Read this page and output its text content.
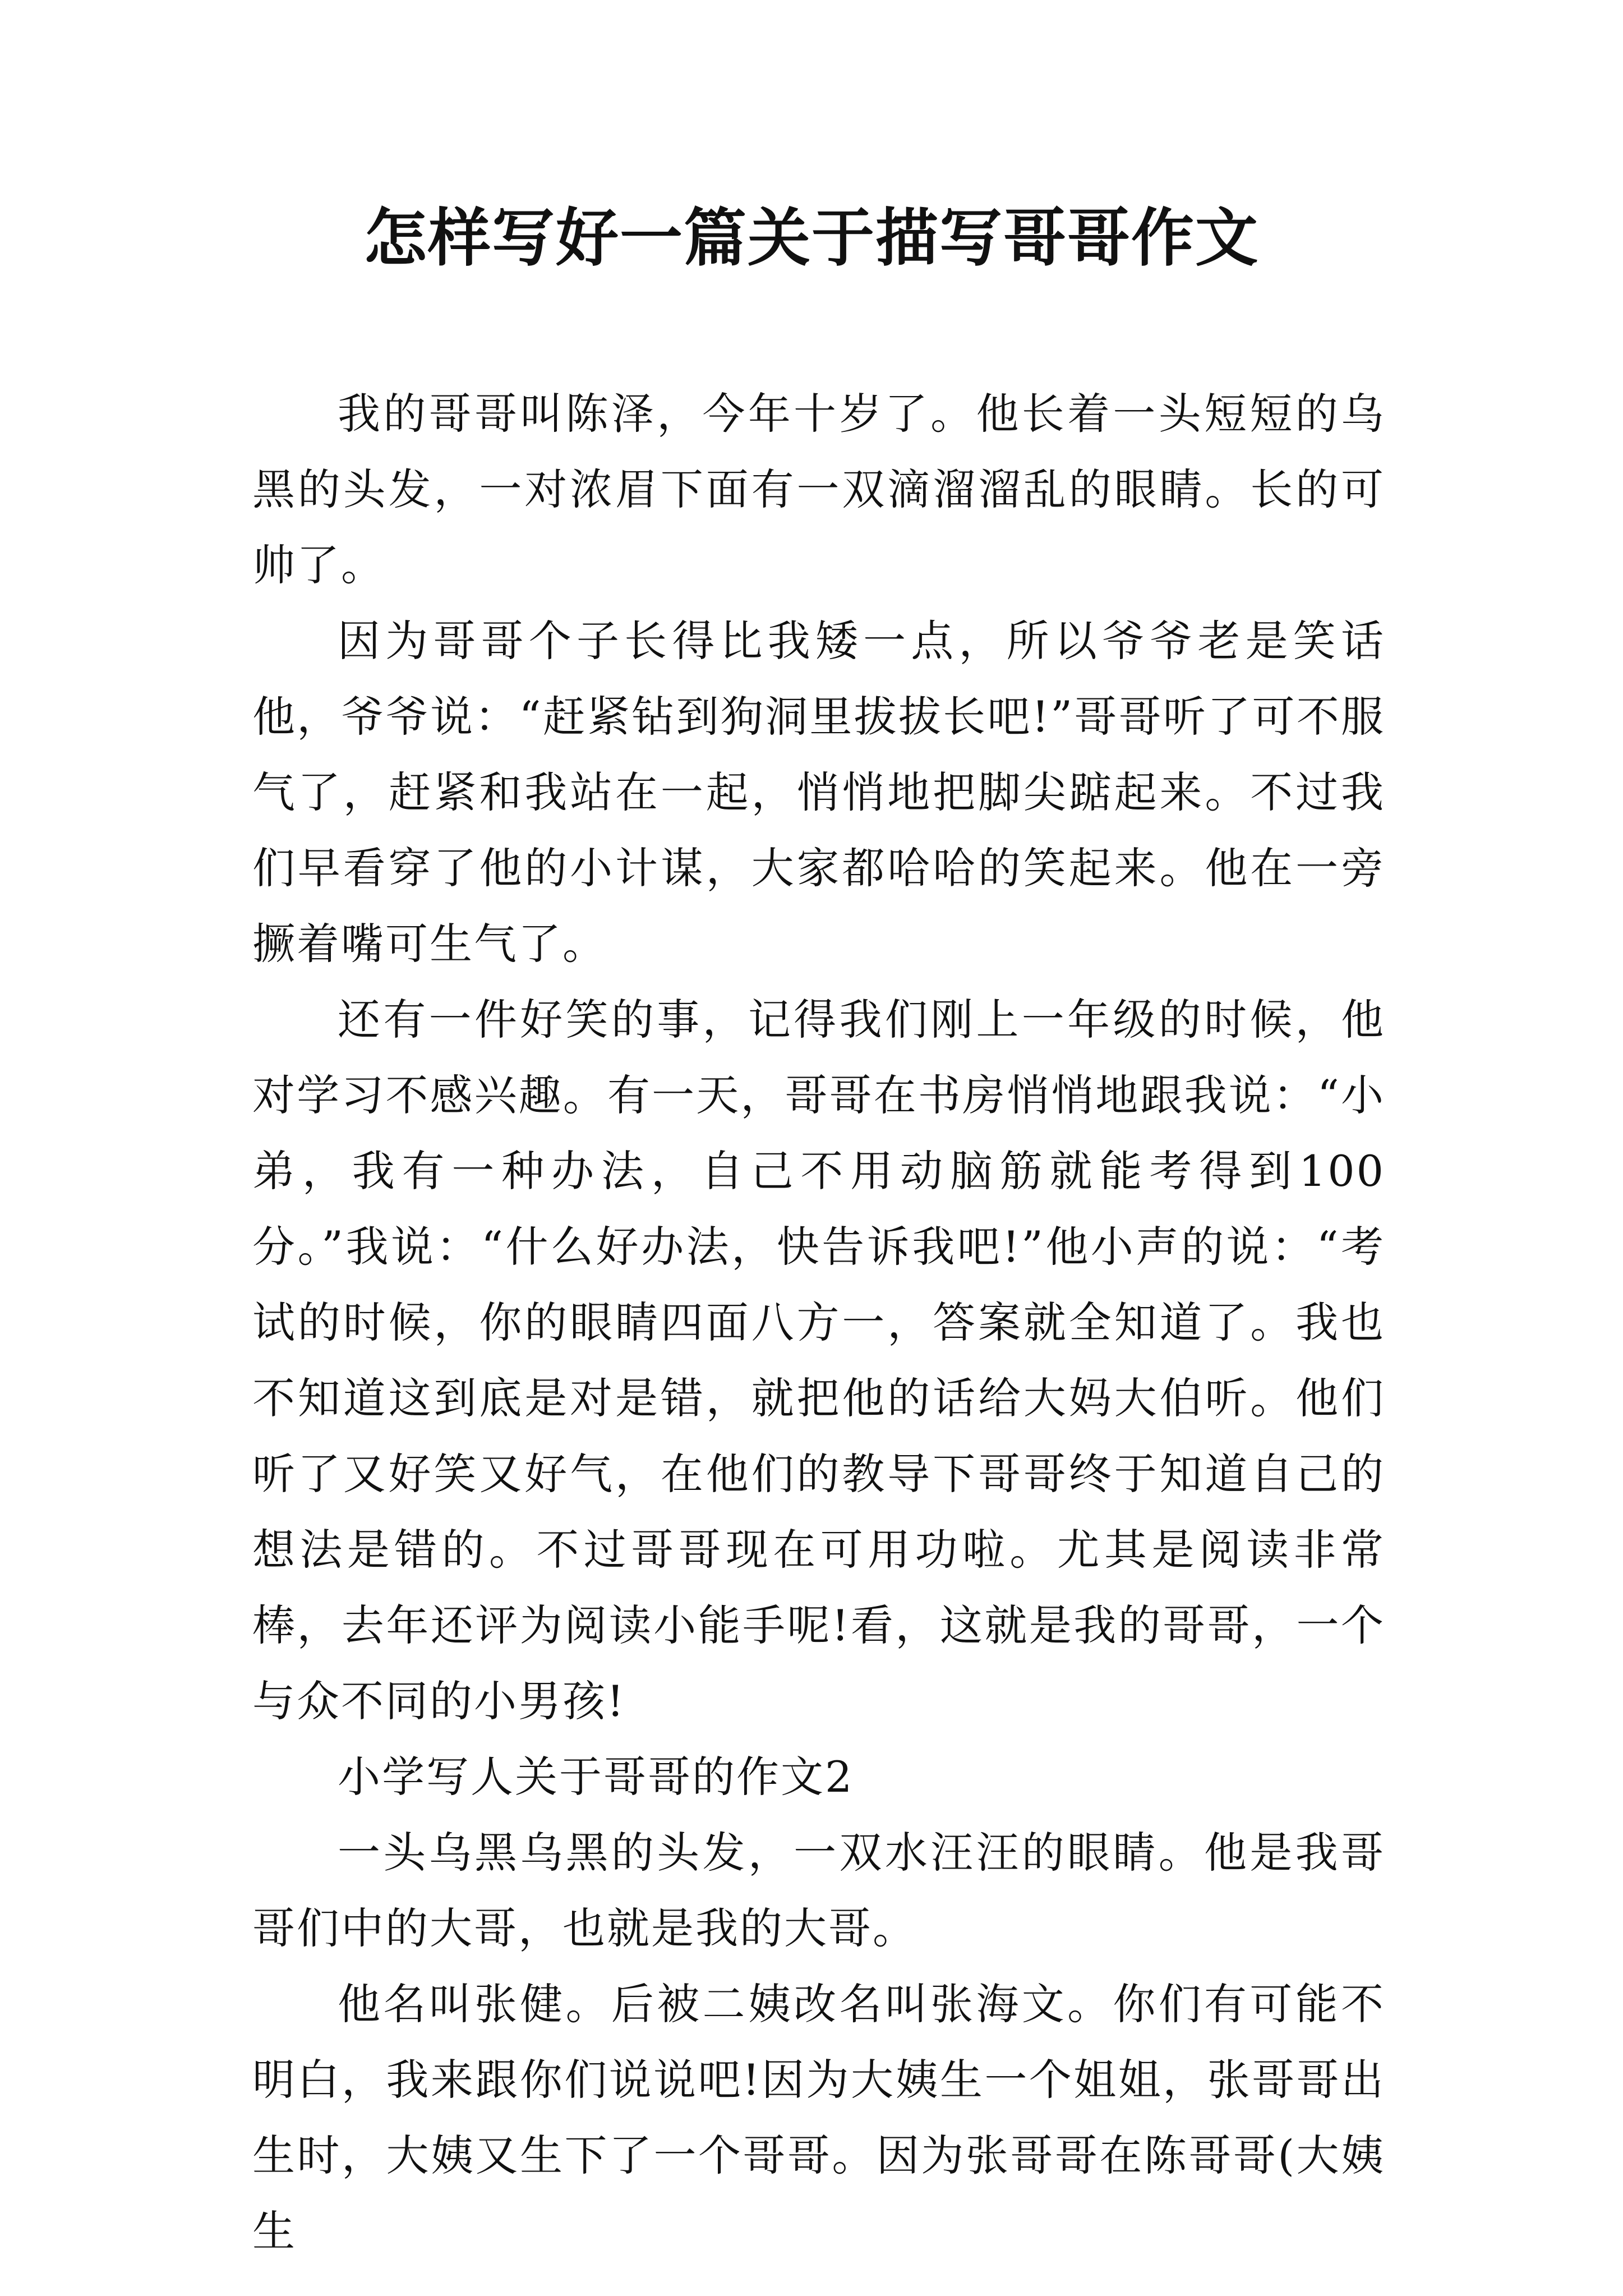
怎样写好一篇关于描写哥哥作文

我的哥哥叫陈泽，今年十岁了。他长着一头短短的乌黑的头发，一对浓眉下面有一双滴溜溜乱的眼睛。长的可帅了。

因为哥哥个子长得比我矮一点，所以爷爷老是笑话他，爷爷说：“赶紧钻到狗洞里拔拔长吧!”哥哥听了可不服气了，赶紧和我站在一起，悄悄地把脚尖踮起来。不过我们早看穿了他的小计谋，大家都哈哈的笑起来。他在一旁撅着嘴可生气了。

还有一件好笑的事，记得我们刚上一年级的时候，他对学习不感兴趣。有一天，哥哥在书房悄悄地跟我说：“小弟，我有一种办法，自己不用动脑筋就能考得到100分。”我说：“什么好办法，快告诉我吧!”他小声的说：“考试的时候，你的眼睛四面八方一，答案就全知道了。我也不知道这到底是对是错，就把他的话给大妈大伯听。他们听了又好笑又好气，在他们的教导下哥哥终于知道自己的想法是错的。不过哥哥现在可用功啦。尤其是阅读非常棒，去年还评为阅读小能手呢!看，这就是我的哥哥，一个与众不同的小男孩!

小学写人关于哥哥的作文2

一头乌黑乌黑的头发，一双水汪汪的眼睛。他是我哥哥们中的大哥，也就是我的大哥。

他名叫张健。后被二姨改名叫张海文。你们有可能不明白，我来跟你们说说吧!因为大姨生一个姐姐，张哥哥出生时，大姨又生下了一个哥哥。因为张哥哥在陈哥哥(大姨生
